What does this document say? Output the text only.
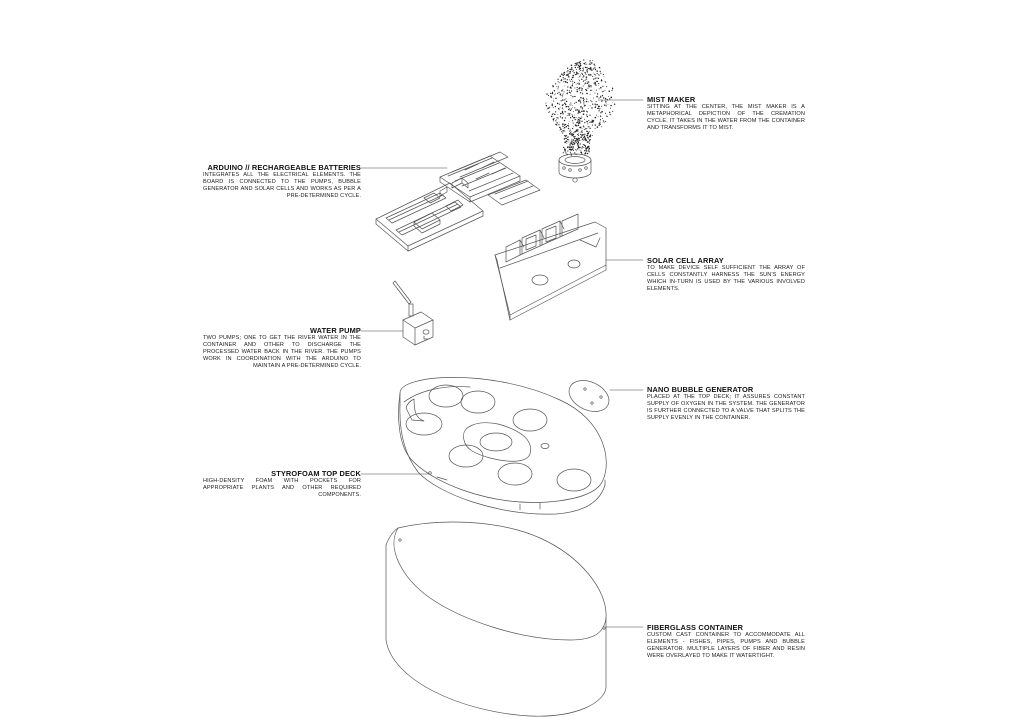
MIST MAKER
SITTING AT THE CENTER, THE MIST MAKER IS A METAPHORICAL DEPICTION OF THE CREMATION CYCLE. IT TAKES IN THE WATER FROM THE CONTAINER AND TRANSFORMS IT TO MIST.
ARDUINO // RECHARGEABLE BATTERIES
INTEGRATES ALL THE ELECTRICAL ELEMENTS. THE BOARD IS CONNECTED TO THE PUMPS, BUBBLE GENERATOR AND SOLAR CELLS AND WORKS AS PER A PRE-DETERMINED CYCLE.
SOLAR CELL ARRAY
TO MAKE DEVICE SELF SUFFICIENT THE ARRAY OF CELLS CONSTANTLY HARNESS THE SUN'S ENERGY WHICH IN-TURN IS USED BY THE VARIOUS INVOLVED ELEMENTS.
WATER PUMP
TWO PUMPS; ONE TO GET THE RIVER WATER IN THE CONTAINER AND OTHER TO DISCHARGE THE PROCESSED WATER BACK IN THE RIVER. THE PUMPS WORK IN COORDINATION WITH THE ARDUINO TO MAINTAIN A PRE-DETERMINED CYCLE.
NANO BUBBLE GENERATOR
PLACED AT THE TOP DECK; IT ASSURES CONSTANT SUPPLY OF OXYGEN IN THE SYSTEM. THE GENERATOR IS FURTHER CONNECTED TO A VALVE THAT SPLITS THE SUPPLY EVENLY IN THE CONTAINER.
STYROFOAM TOP DECK
HIGH-DENSITY FOAM WITH POCKETS FOR APPROPRIATE PLANTS AND OTHER REQUIRED COMPONENTS.
FIBERGLASS CONTAINER
CUSTOM CAST CONTAINER TO ACCOMMODATE ALL ELEMENTS - FISHES, PIPES, PUMPS AND BUBBLE GENERATOR. MULTIPLE LAYERS OF FIBER AND RESIN WERE OVERLAYED TO MAKE IT WATERTIGHT.
